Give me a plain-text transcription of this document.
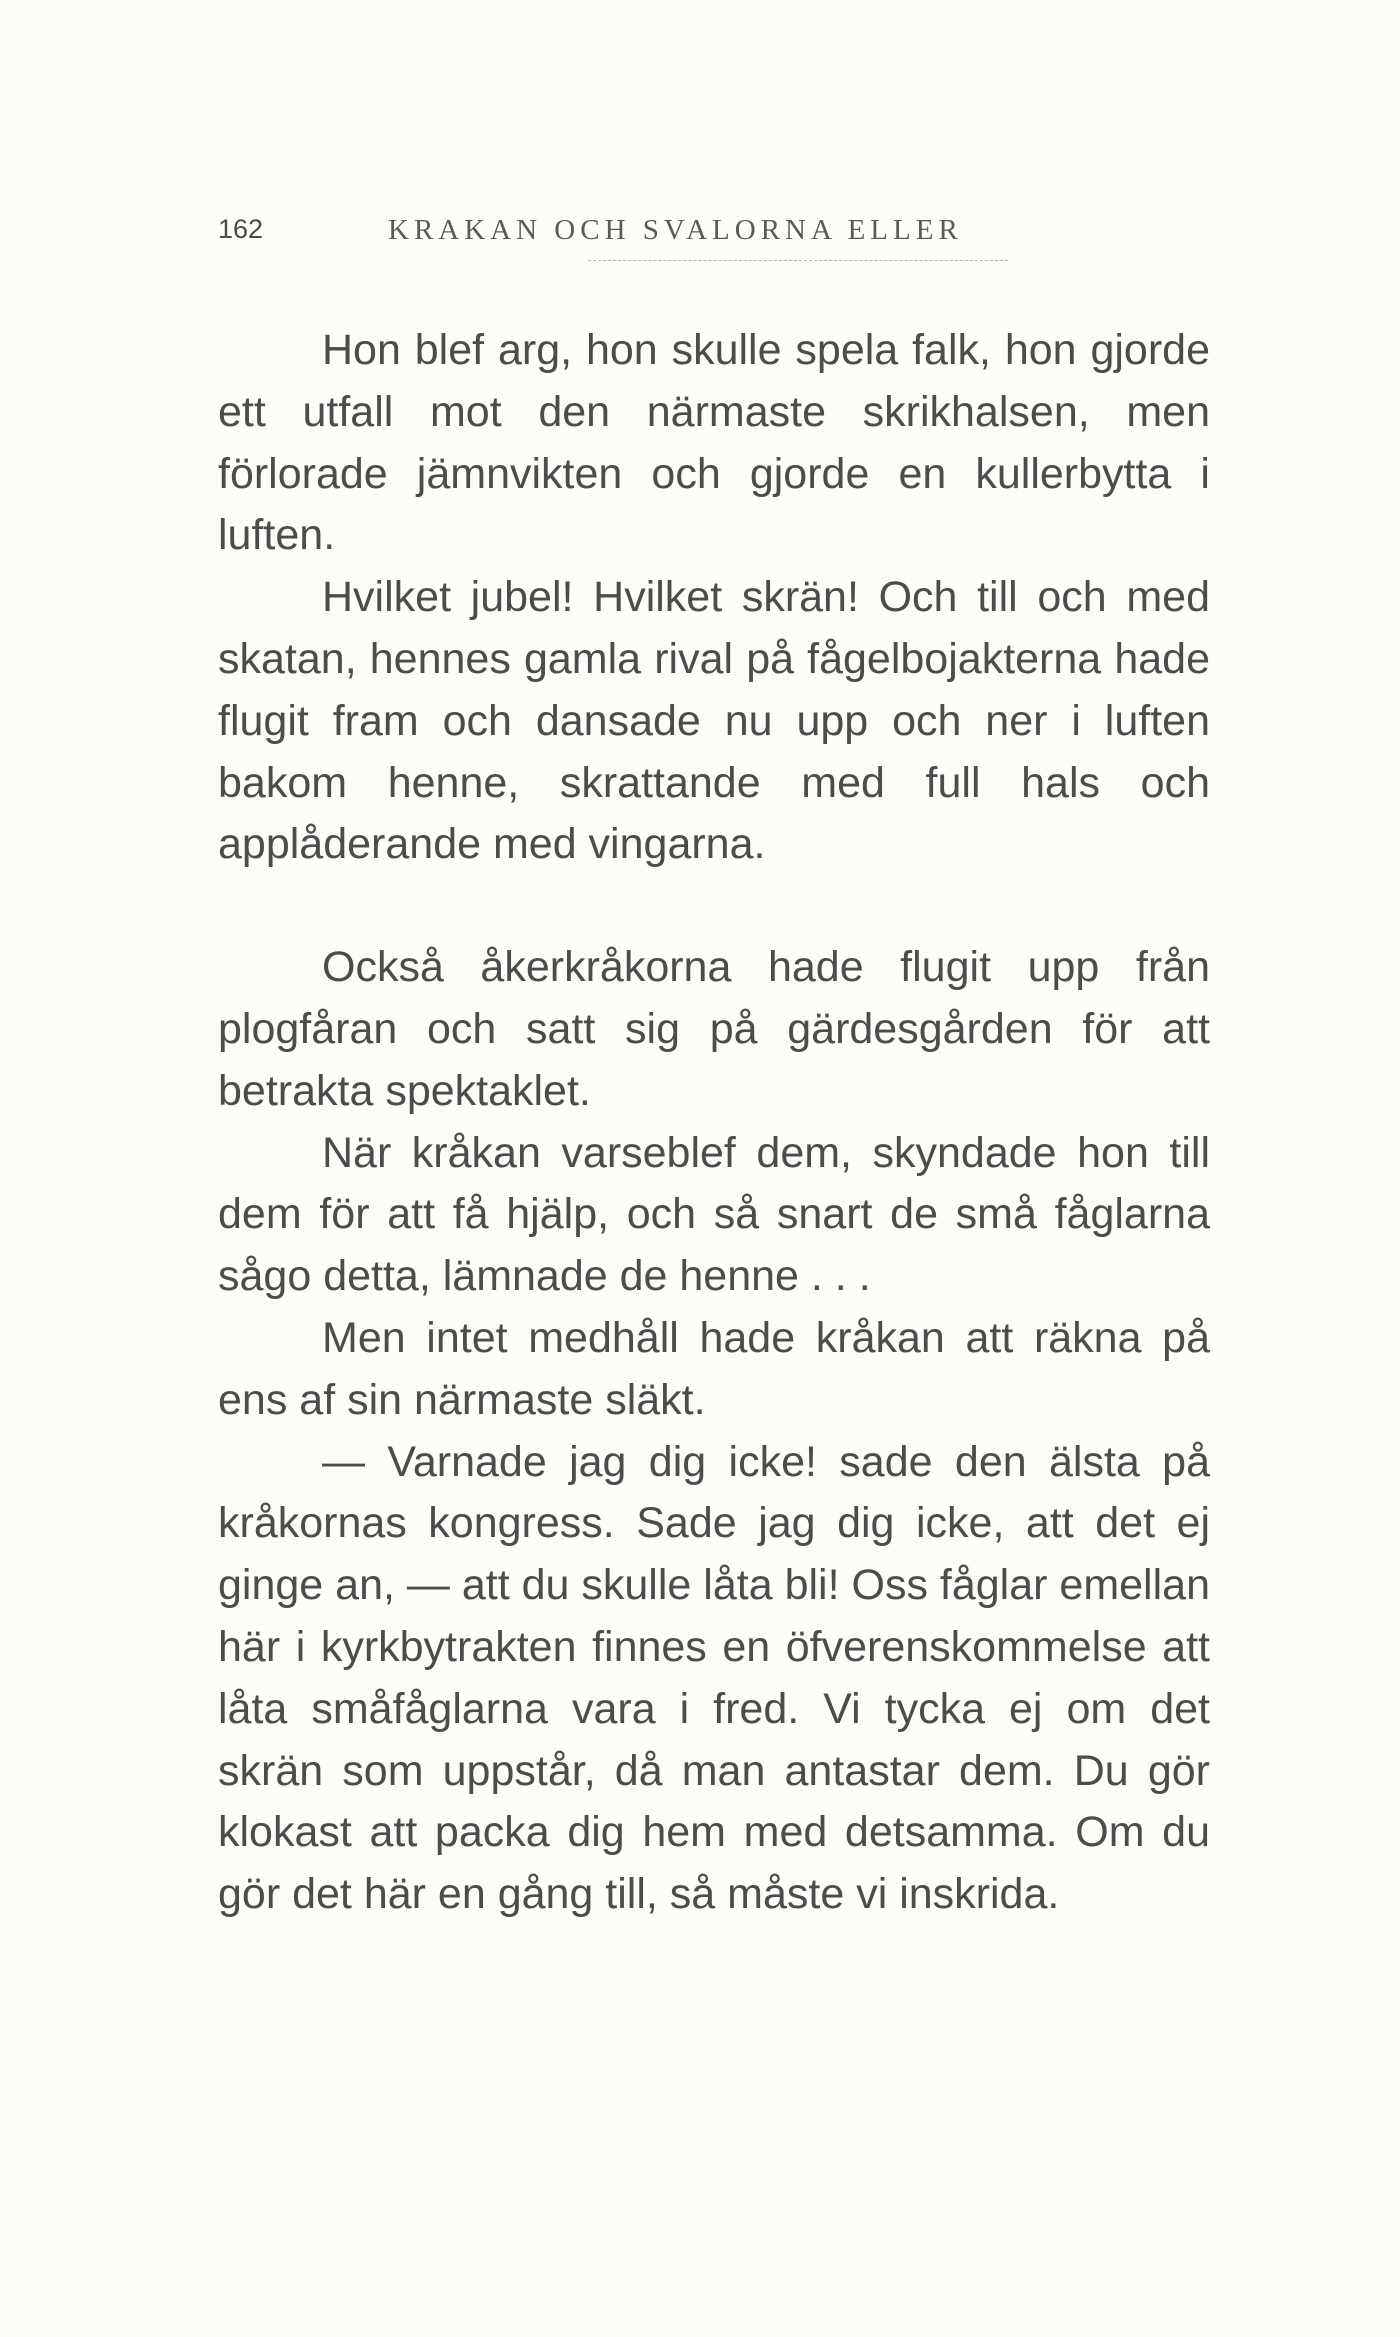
162	KRAKAN OCH SVALORNA ELLER

Hon blef arg, hon skulle spela falk, hon gjorde ett utfall mot den närmaste skrikhalsen, men förlorade jämnvikten och gjorde en kullerbytta i luften.

Hvilket jubel! Hvilket skrän! Och till och med skatan, hennes gamla rival på fågelbojakterna hade flugit fram och dansade nu upp och ner i luften bakom henne, skrattande med full hals och applåderande med vingarna.

Också åkerkråkorna hade flugit upp från plogfåran och satt sig på gärdesgården för att betrakta spektaklet.

När kråkan varseblef dem, skyndade hon till dem för att få hjälp, och så snart de små fåglarna sågo detta, lämnade de henne . . .

Men intet medhåll hade kråkan att räkna på ens af sin närmaste släkt.

— Varnade jag dig icke! sade den älsta på kråkornas kongress. Sade jag dig icke, att det ej ginge an, — att du skulle låta bli! Oss fåglar emellan här i kyrkbytrakten finnes en öfverenskommelse att låta småfåglarna vara i fred. Vi tycka ej om det skrän som uppstår, då man antastar dem. Du gör klokast att packa dig hem med detsamma. Om du gör det här en gång till, så måste vi inskrida.
